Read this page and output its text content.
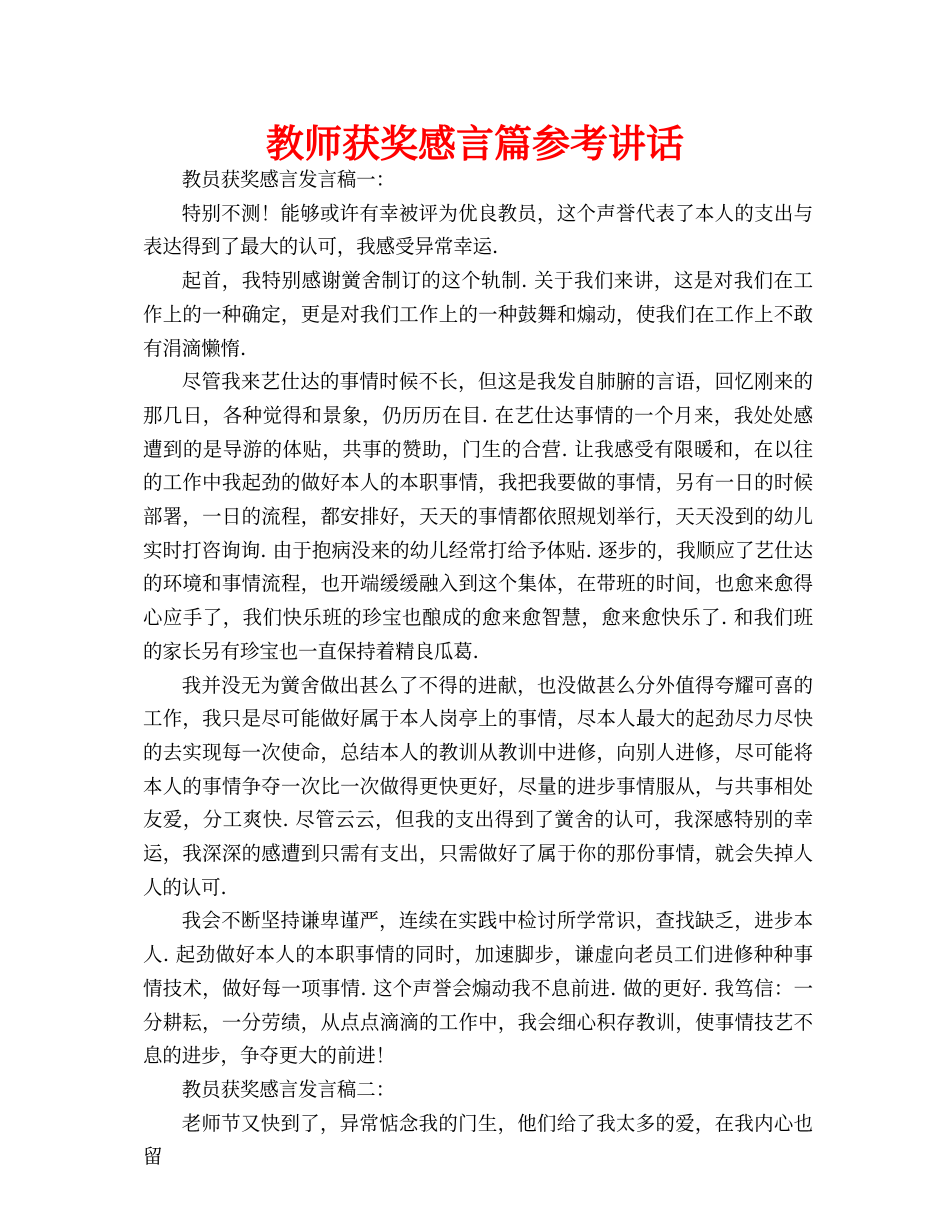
教师获奖感言篇参考讲话

教员获奖感言发言稿一：

特别不测！能够或许有幸被评为优良教员，这个声誉代表了本人的支出与表达得到了最大的认可，我感受异常幸运.

起首，我特别感谢黉舍制订的这个轨制. 关于我们来讲，这是对我们在工作上的一种确定，更是对我们工作上的一种鼓舞和煽动，使我们在工作上不敢有涓滴懒惰.

尽管我来艺仕达的事情时候不长，但这是我发自肺腑的言语，回忆刚来的那几日，各种觉得和景象，仍历历在目. 在艺仕达事情的一个月来，我处处感遭到的是导游的体贴，共事的赞助，门生的合营. 让我感受有限暖和，在以往的工作中我起劲的做好本人的本职事情，我把我要做的事情，另有一日的时候部署，一日的流程，都安排好，天天的事情都依照规划举行，天天没到的幼儿实时打咨询询. 由于抱病没来的幼儿经常打给予体贴. 逐步的，我顺应了艺仕达的环境和事情流程，也开端缓缓融入到这个集体，在带班的时间，也愈来愈得心应手了，我们快乐班的珍宝也酿成的愈来愈智慧，愈来愈快乐了. 和我们班的家长另有珍宝也一直保持着精良瓜葛.

我并没无为黉舍做出甚么了不得的进献，也没做甚么分外值得夸耀可喜的工作，我只是尽可能做好属于本人岗亭上的事情，尽本人最大的起劲尽力尽快的去实现每一次使命，总结本人的教训从教训中进修，向别人进修，尽可能将本人的事情争夺一次比一次做得更快更好，尽量的进步事情服从，与共事相处友爱，分工爽快. 尽管云云，但我的支出得到了黉舍的认可，我深感特别的幸运，我深深的感遭到只需有支出，只需做好了属于你的那份事情，就会失掉人人的认可.

我会不断坚持谦卑谨严，连续在实践中检讨所学常识，查找缺乏，进步本人. 起劲做好本人的本职事情的同时，加速脚步，谦虚向老员工们进修种种事情技术，做好每一项事情. 这个声誉会煽动我不息前进. 做的更好. 我笃信：一分耕耘，一分劳绩，从点点滴滴的工作中，我会细心积存教训，使事情技艺不息的进步，争夺更大的前进！

教员获奖感言发言稿二：

老师节又快到了，异常惦念我的门生，他们给了我太多的爱，在我内心也留
